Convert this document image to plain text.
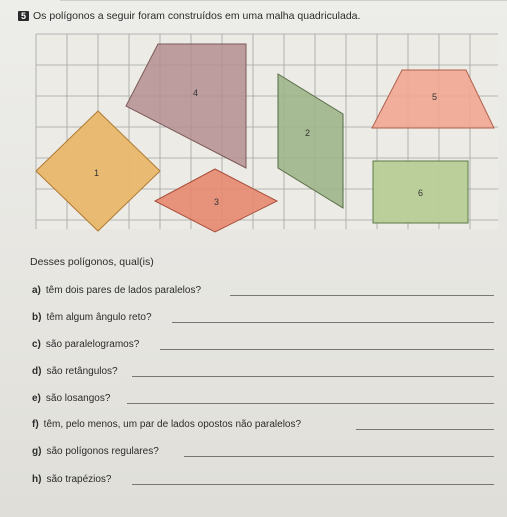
5 Os polígonos a seguir foram construídos em uma malha quadriculada.
4
2
5
1
3
6
Desses polígonos, qual(is)
a) têm dois pares de lados paralelos?
b) têm algum ângulo reto?
c) são paralelogramos?
d) são retângulos?
e) são losangos?
f) têm, pelo menos, um par de lados opostos não paralelos?
g) são polígonos regulares?
h) são trapézios?
